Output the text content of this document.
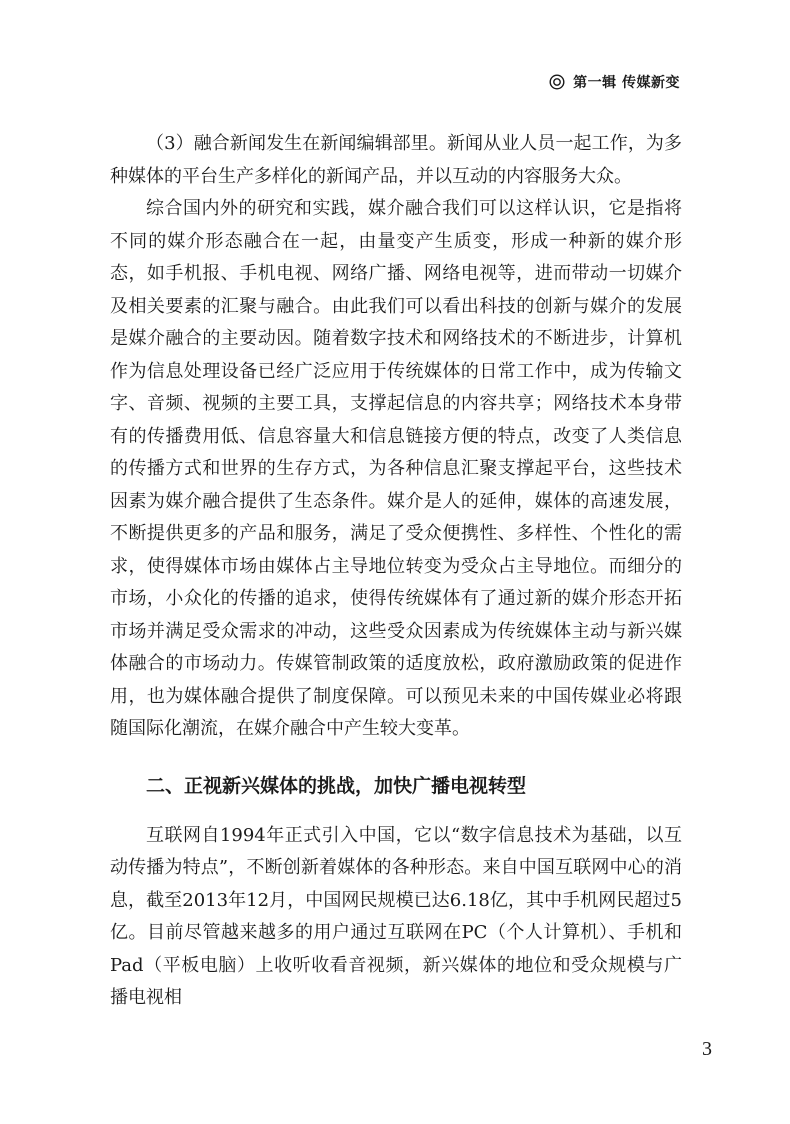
第一辑 传媒新变

（3）融合新闻发生在新闻编辑部里。新闻从业人员一起工作，为多种媒体的平台生产多样化的新闻产品，并以互动的内容服务大众。

综合国内外的研究和实践，媒介融合我们可以这样认识，它是指将不同的媒介形态融合在一起，由量变产生质变，形成一种新的媒介形态，如手机报、手机电视、网络广播、网络电视等，进而带动一切媒介及相关要素的汇聚与融合。由此我们可以看出科技的创新与媒介的发展是媒介融合的主要动因。随着数字技术和网络技术的不断进步，计算机作为信息处理设备已经广泛应用于传统媒体的日常工作中，成为传输文字、音频、视频的主要工具，支撑起信息的内容共享；网络技术本身带有的传播费用低、信息容量大和信息链接方便的特点，改变了人类信息的传播方式和世界的生存方式，为各种信息汇聚支撑起平台，这些技术因素为媒介融合提供了生态条件。媒介是人的延伸，媒体的高速发展，不断提供更多的产品和服务，满足了受众便携性、多样性、个性化的需求，使得媒体市场由媒体占主导地位转变为受众占主导地位。而细分的市场，小众化的传播的追求，使得传统媒体有了通过新的媒介形态开拓市场并满足受众需求的冲动，这些受众因素成为传统媒体主动与新兴媒体融合的市场动力。传媒管制政策的适度放松，政府激励政策的促进作用，也为媒体融合提供了制度保障。可以预见未来的中国传媒业必将跟随国际化潮流，在媒介融合中产生较大变革。

二、正视新兴媒体的挑战，加快广播电视转型

互联网自1994年正式引入中国，它以“数字信息技术为基础，以互动传播为特点”，不断创新着媒体的各种形态。来自中国互联网中心的消息，截至2013年12月，中国网民规模已达6.18亿，其中手机网民超过5亿。目前尽管越来越多的用户通过互联网在PC（个人计算机）、手机和Pad（平板电脑）上收听收看音视频，新兴媒体的地位和受众规模与广播电视相

3
